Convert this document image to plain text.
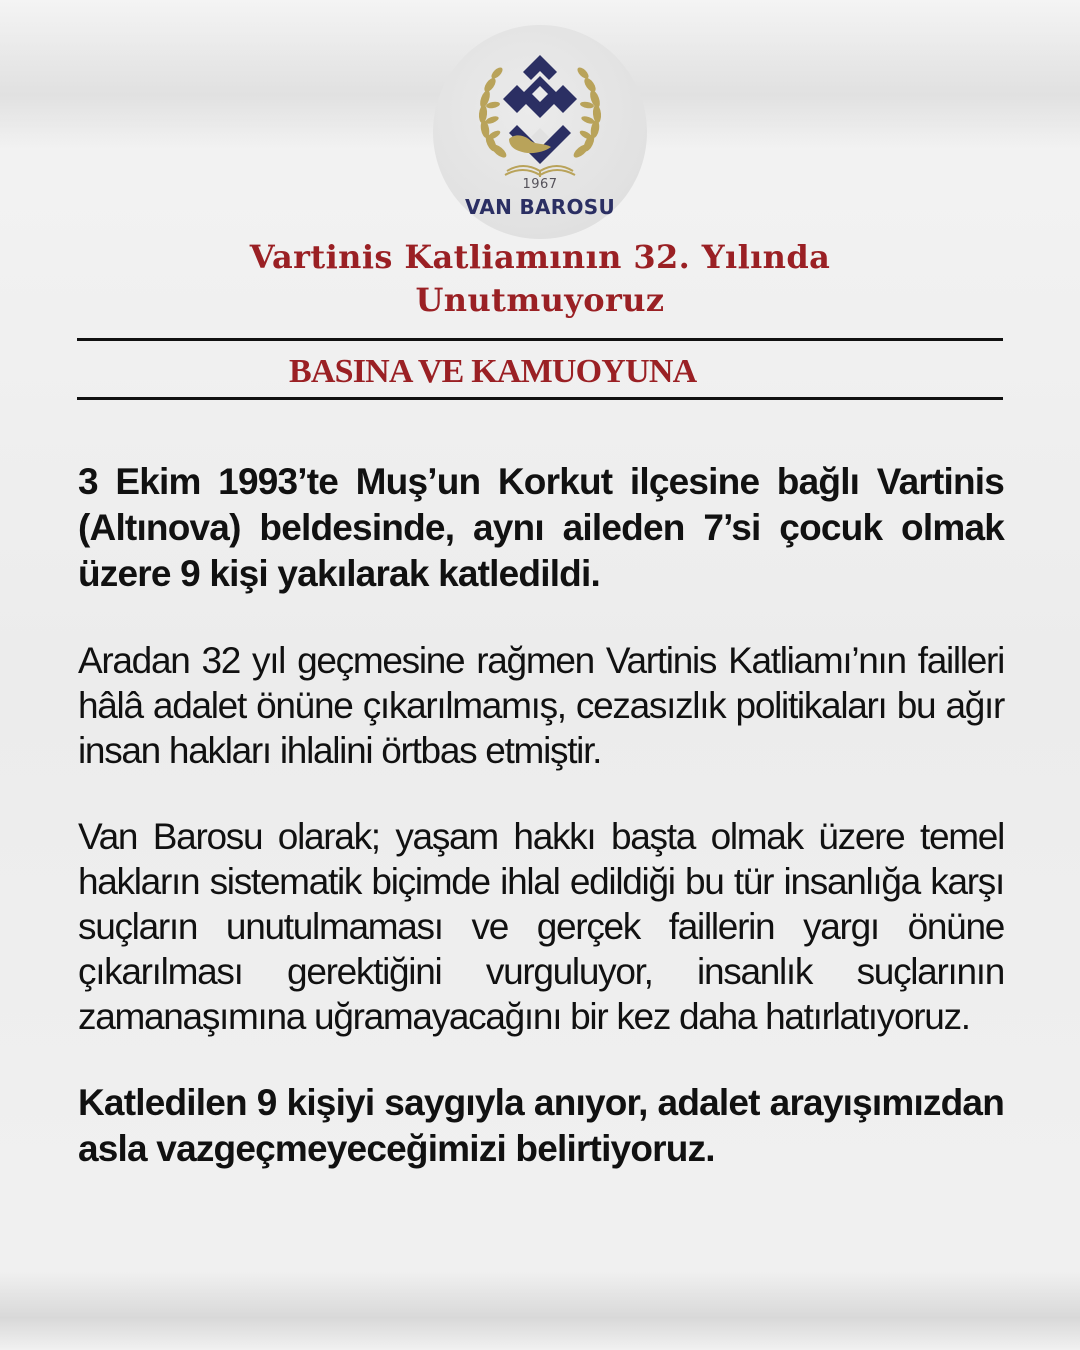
1967
VAN BAROSU
Vartinis Katliamının 32. Yılında
Unutmuyoruz
BASINA VE KAMUOYUNA

3 Ekim 1993’te Muş’un Korkut ilçesine bağlı Vartinis (Altınova) beldesinde, aynı aileden 7’si çocuk olmak üzere 9 kişi yakılarak katledildi.

Aradan 32 yıl geçmesine rağmen Vartinis Katliamı’nın failleri hâlâ adalet önüne çıkarılmamış, cezasızlık politikaları bu ağır insan hakları ihlalini örtbas etmiştir.

Van Barosu olarak; yaşam hakkı başta olmak üzere temel hakların sistematik biçimde ihlal edildiği bu tür insanlığa karşı suçların unutulmaması ve gerçek faillerin yargı önüne çıkarılması gerektiğini vurguluyor, insanlık suçlarının zamanaşımına uğramayacağını bir kez daha hatırlatıyoruz.

Katledilen 9 kişiyi saygıyla anıyor, adalet arayışımızdan asla vazgeçmeyeceğimizi belirtiyoruz.
